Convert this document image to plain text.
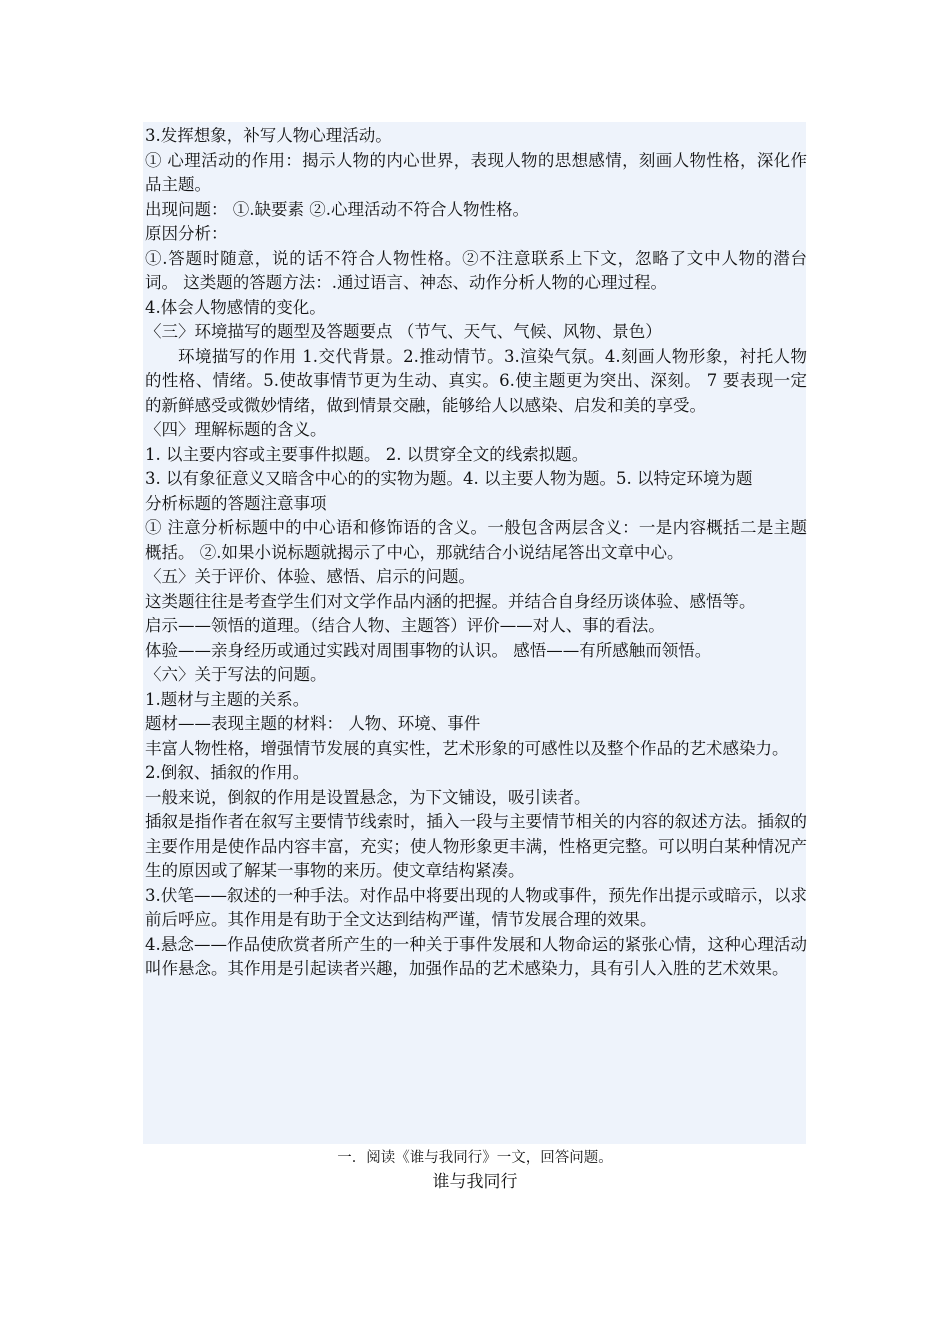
3.发挥想象，补写人物心理活动。

① 心理活动的作用：揭示人物的内心世界，表现人物的思想感情，刻画人物性格，深化作品主题。

出现问题： ①.缺要素 ②.心理活动不符合人物性格。

原因分析：

①.答题时随意，说的话不符合人物性格。②不注意联系上下文，忽略了文中人物的潜台词。 这类题的答题方法：.通过语言、神态、动作分析人物的心理过程。

4.体会人物感情的变化。

〈三〉环境描写的题型及答题要点 （节气、天气、气候、风物、景色）

环境描写的作用 1.交代背景。2.推动情节。3.渲染气氛。4.刻画人物形象，衬托人物的性格、情绪。5.使故事情节更为生动、真实。6.使主题更为突出、深刻。 7 要表现一定的新鲜感受或微妙情绪，做到情景交融，能够给人以感染、启发和美的享受。

〈四〉理解标题的含义。

1. 以主要内容或主要事件拟题。 2. 以贯穿全文的线索拟题。

3. 以有象征意义又暗含中心的的实物为题。4. 以主要人物为题。5. 以特定环境为题

分析标题的答题注意事项

① 注意分析标题中的中心语和修饰语的含义。一般包含两层含义：一是内容概括二是主题概括。 ②.如果小说标题就揭示了中心，那就结合小说结尾答出文章中心。

〈五〉关于评价、体验、感悟、启示的问题。

这类题往往是考查学生们对文学作品内涵的把握。并结合自身经历谈体验、感悟等。

启示——领悟的道理。（结合人物、主题答）评价——对人、事的看法。

体验——亲身经历或通过实践对周围事物的认识。 感悟——有所感触而领悟。

〈六〉关于写法的问题。

1.题材与主题的关系。

题材——表现主题的材料： 人物、环境、事件

丰富人物性格，增强情节发展的真实性，艺术形象的可感性以及整个作品的艺术感染力。

2.倒叙、插叙的作用。

一般来说，倒叙的作用是设置悬念，为下文铺设，吸引读者。

插叙是指作者在叙写主要情节线索时，插入一段与主要情节相关的内容的叙述方法。插叙的主要作用是使作品内容丰富，充实；使人物形象更丰满，性格更完整。可以明白某种情况产生的原因或了解某一事物的来历。使文章结构紧凑。

3.伏笔——叙述的一种手法。对作品中将要出现的人物或事件，预先作出提示或暗示，以求前后呼应。其作用是有助于全文达到结构严谨，情节发展合理的效果。

4.悬念——作品使欣赏者所产生的一种关于事件发展和人物命运的紧张心情，这种心理活动叫作悬念。其作用是引起读者兴趣，加强作品的艺术感染力，具有引人入胜的艺术效果。

一．阅读《谁与我同行》一文，回答问题。
谁与我同行
